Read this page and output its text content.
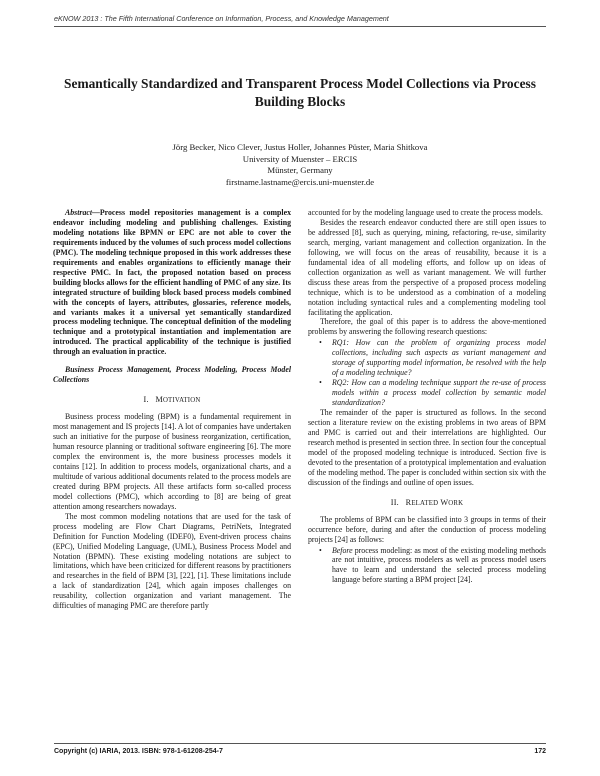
eKNOW 2013 : The Fifth International Conference on Information, Process, and Knowledge Management
Semantically Standardized and Transparent Process Model Collections via Process Building Blocks
Jörg Becker, Nico Clever, Justus Holler, Johannes Püster, Maria Shitkova
University of Muenster – ERCIS
Münster, Germany
firstname.lastname@ercis.uni-muenster.de

Abstract—Process model repositories management is a complex endeavor including modeling and publishing challenges. Existing modeling notations like BPMN or EPC are not able to cover the requirements induced by the volumes of such process model collections (PMC). The modeling technique proposed in this work addresses these requirements and enables organizations to efficiently manage their respective PMC. In fact, the proposed notation based on process building blocks allows for the efficient handling of PMC of any size. Its integrated structure of building block based process models combined with the concepts of layers, attributes, glossaries, reference models, and variants makes it a universal yet semantically standardized process modeling technique. The conceptual definition of the modeling technique and a prototypical instantiation and implementation are introduced. The practical applicability of the technique is justified through an evaluation in practice.

Business Process Management, Process Modeling, Process Model Collections

I. MOTIVATION

Business process modeling (BPM) is a fundamental requirement in most management and IS projects [14]. A lot of companies have undertaken such an initiative for the purpose of business reorganization, certification, human resource planning or traditional software engineering [6]. The more complex the environment is, the more business processes models it contains [12]. In addition to process models, organizational charts, and a multitude of various additional documents related to the process models are created during BPM projects. All these artifacts form so-called process model collections (PMC), which according to [8] are being of great attention among researchers nowadays.

The most common modeling notations that are used for the task of process modeling are Flow Chart Diagrams, PetriNets, Integrated Definition for Function Modeling (IDEF0), Event-driven process chains (EPC), Unified Modeling Language, (UML), Business Process Model and Notation (BPMN). These existing modeling notations are subject to limitations, which have been criticized for different reasons by practitioners and researches in the field of BPM [3], [22], [1]. These limitations include a lack of standardization [24], which again imposes challenges on reusability, collection organization and variant management. The difficulties of managing PMC are therefore partly

accounted for by the modeling language used to create the process models.

Besides the research endeavor conducted there are still open issues to be addressed [8], such as querying, mining, refactoring, re-use, similarity search, merging, variant management and collection organization. In the following, we will focus on the areas of reusability, because it is a fundamental idea of all modeling efforts, and follow up on ideas of collection organization as well as variant management. We will further discuss these areas from the perspective of a proposed process modeling technique, which is to be understood as a combination of a modeling notation including syntactical rules and a complementing modeling tool facilitating the application.

Therefore, the goal of this paper is to address the above-mentioned problems by answering the following research questions:

• RQ1: How can the problem of organizing process model collections, including such aspects as variant management and storage of supporting model information, be resolved with the help of a modeling technique?
• RQ2: How can a modeling technique support the re-use of process models within a process model collection by semantic model standardization?

The remainder of the paper is structured as follows. In the second section a literature review on the existing problems in two areas of BPM and PMC is carried out and their interrelations are highlighted. Our research method is presented in section three. In section four the conceptual model of the proposed modeling technique is introduced. Section five is devoted to the presentation of a prototypical implementation and evaluation of the modeling method. The paper is concluded within section six with the discussion of the findings and outline of open issues.

II. RELATED WORK

The problems of BPM can be classified into 3 groups in terms of their occurrence before, during and after the conduction of process modeling projects [24] as follows:

• Before process modeling: as most of the existing modeling methods are not intuitive, process modelers as well as process model users have to learn and understand the selected process modeling language before starting a BPM project [24].
Copyright (c) IARIA, 2013. ISBN: 978-1-61208-254-7	172
